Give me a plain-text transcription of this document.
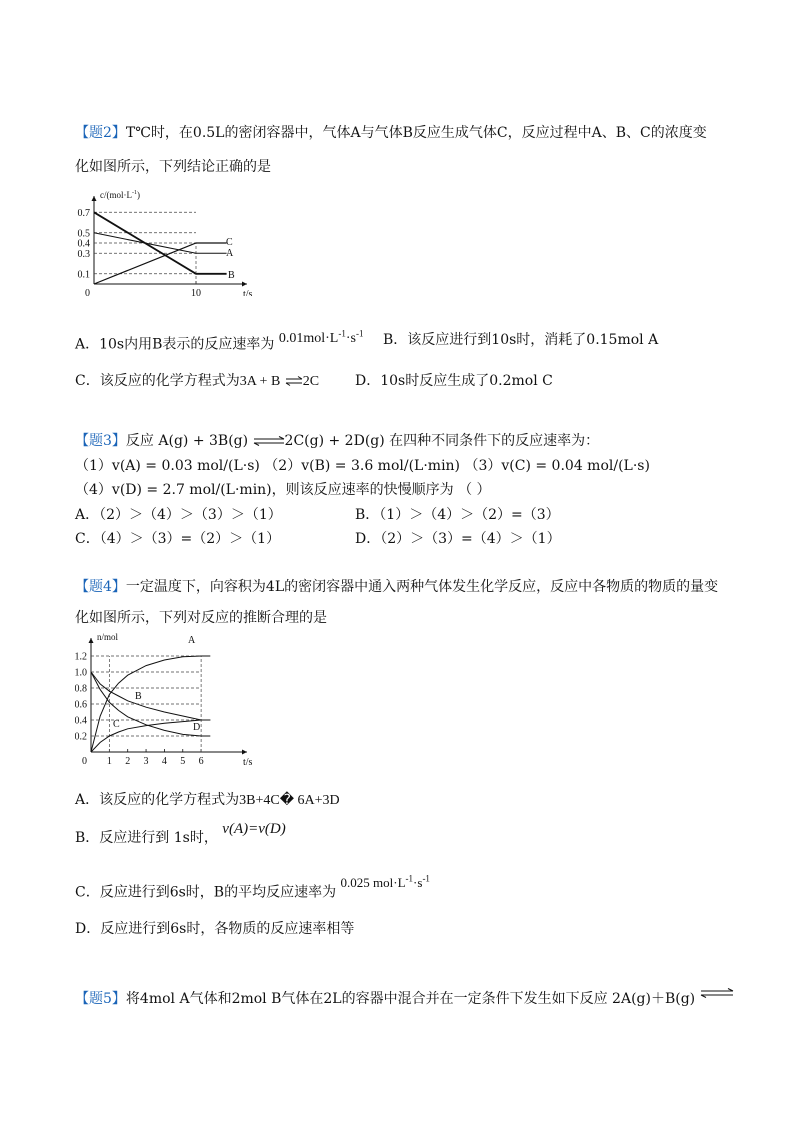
【题2】T℃时，在0.5L的密闭容器中，气体A与气体B反应生成气体C，反应过程中A、B、C的浓度变
化如图所示，下列结论正确的是
0.7
0.5
0.4
0.3
0.1
10
0
$c/(mol\cdot L^{-1})$
t/s
A
B
C
A．10s内用B表示的反应速率为 $0.01mol\cdot L^{-1}\cdot s^{-1}$ B．该反应进行到10s时，消耗了0.15mol A
C．该反应的化学方程式为3A + B ⇌2C	D．10s时反应生成了0.2mol C
【题3】反应 A(g) + 3B(g) ⇌2C(g) + 2D(g) 在四种不同条件下的反应速率为：
（1）v(A) = 0.03 mol/(L·s) （2）v(B) = 3.6 mol/(L·min) （3）v(C) = 0.04 mol/(L·s)
（4）v(D) = 2.7 mol/(L·min)，则该反应速率的快慢顺序为 （ ）
A．（2）＞（4）＞（3）＞（1）	B．（1）＞（4）＞（2）=（3）
C．（4）＞（3）=（2）＞（1）	D．（2）＞（3）=（4）＞（1）
【题4】一定温度下，向容积为4L的密闭容器中通入两种气体发生化学反应，反应中各物质的物质的量变
化如图所示，下列对反应的推断合理的是
1.2
1.0
0.8
0.6
0.4
0.2
1 2 3 4 5 6
0
n/mol
t/s
A
B
C	D
A．该反应的化学方程式为3B+4C� 6A+3D
B．反应进行到 1s时， v(A)=v(D)
C．反应进行到6s时，B的平均反应速率为 0.025 $mol\cdot L^{-1}\cdot s^{-1}$
D．反应进行到6s时，各物质的反应速率相等
【题5】将4mol A气体和2mol B气体在2L的容器中混合并在一定条件下发生如下反应 2A(g)＋B(g) ⇌
